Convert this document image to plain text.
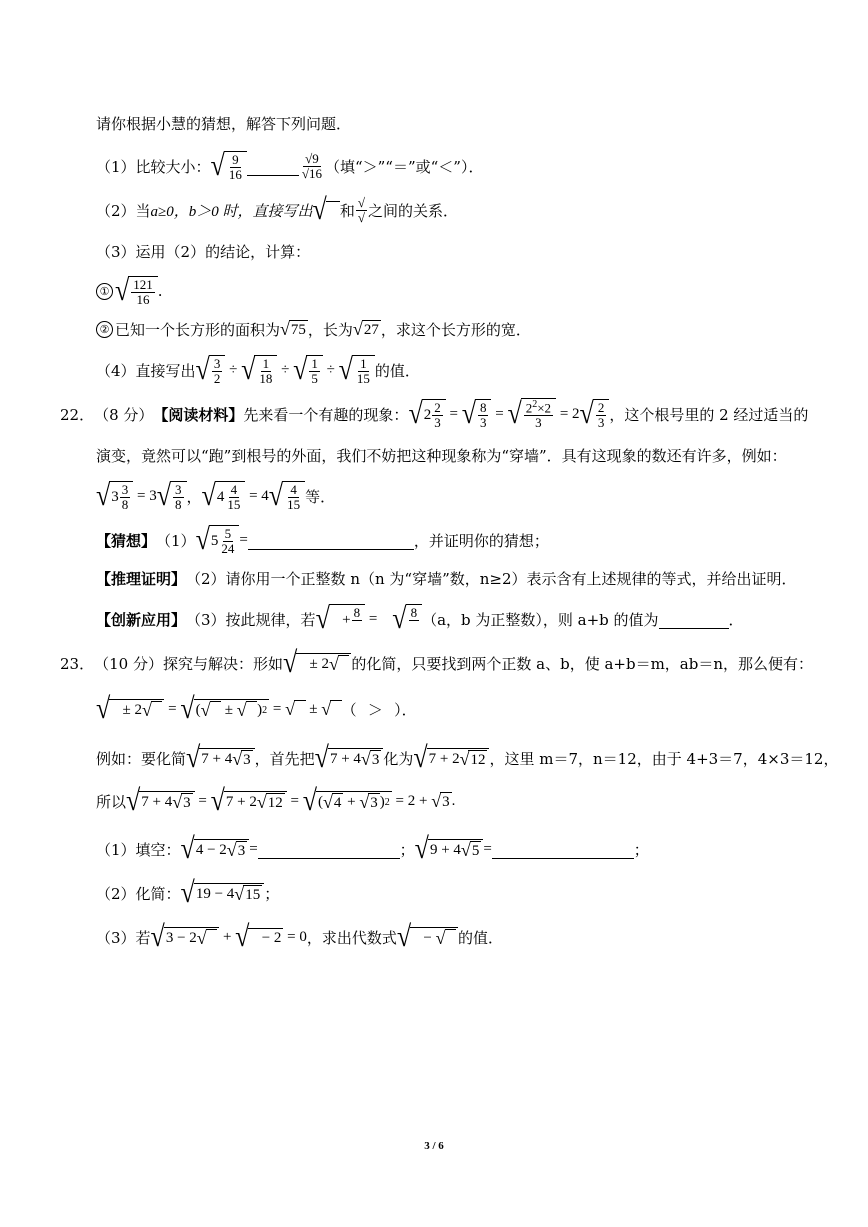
请你根据小慧的猜想，解答下列问题．
（1）比较大小： √ $\frac{9}{16}$	$\frac{√9}{√16}$ （填“＞”“＝”或“＜”）．
（2）当 a≥0，b＞0 时，直接写出 √
和 $\frac{√}{√}$ 之间的关系．
（3）运用（2）的结论，计算：
① √ $\frac{121}{16}$ .
② 已知一个长方形的面积为 √ 75 ，长为 √ 27 ，求这个长方形的宽．
（4）直接写出 √ $\frac{3}{2}$ ÷ √ $\frac{1}{18}$ ÷ √ $\frac{1}{5}$ ÷ √ $\frac{1}{15}$ 的值．
22． （8 分） 【阅读材料】 先来看一个有趣的现象： √ $2 \frac{2}{3}$ = √ $\frac{8}{3}$ = √ $\frac{2^2\times 2}{3} = 2$ √ $\frac{2}{3}$ ，这个根号里的 2 经过适当的
演变，竟然可以“跑”到根号的外面，我们不妨把这种现象称为“穿墙”．具有这现象的数还有许多，例如：
√ $3 \frac{3}{8} = 3$ √ $\frac{3}{8}$ ， √ $4 \frac{4}{15} = 4$ √ $\frac{4}{15}$ 等．
【猜想】 （1） √ $5 \frac{5}{24}$ =	，并证明你的猜想；
【推理证明】 （2）请你用一个正整数 n（n 为“穿墙”数，n≥2）表示含有上述规律的等式，并给出证明．
【创新应用】 （3）按此规律，若 √ + 8
= √ 8
（a，b 为正整数），则 a+b 的值为	．
23． （10 分） 探究与解决：形如 √ ± 2 √
的化简，只要找到两个正数 a、b，使 a+b＝m，ab＝n，那么便有：
√ ± 2 √
= √ ( √
± √
) 2 = √
± √
（   ＞   ）．
例如：要化简 √ 7 + 4 √ 3 ，首先把 √ 7 + 4 √ 3 化为 √ 7 + 2 √ 12 ，这里 m＝7，n＝12，由于 4+3＝7，4×3＝12，
所以 √ 7 + 4 √ 3 = √ 7 + 2 √ 12 = √ ( √ 4 + √ 3 ) 2 = 2 + √ 3 .
（1）填空： √ 4 − 2 √ 3 =	； √ 9 + 4 √ 5 =	；
（2）化简： √ 19 − 4 √ 15 ；
（3）若 √ 3 − 2 √
+ √ − 2 = 0 ，求出代数式 √ − √
的值．
3 / 6
